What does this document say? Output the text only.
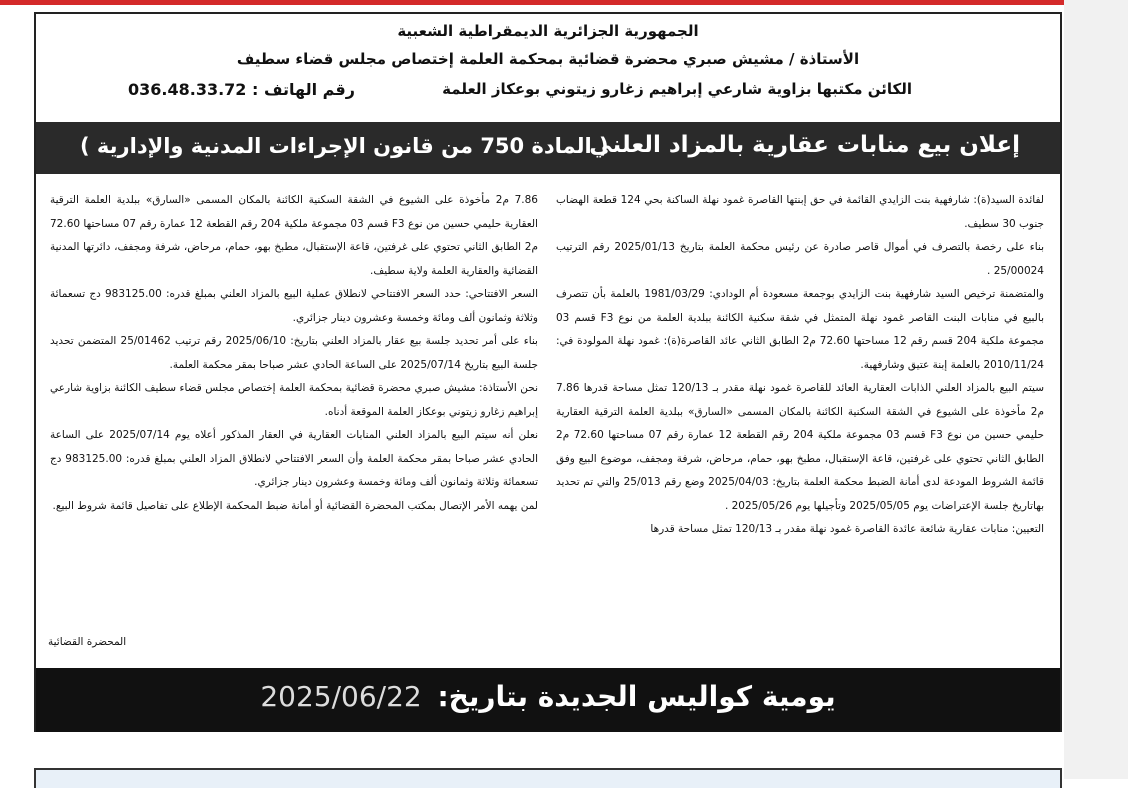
الجمهورية الجزائرية الديمقراطية الشعبية
الأستاذة / مشيش صبري محضرة قضائية بمحكمة العلمة إختصاص مجلس قضاء سطيف
الكائن مكتبها بزاوية شارعي إبراهيم زغارو زيتوني بوعكاز العلمة
رقم الهاتف : 036.48.33.72
إعلان بيع منابات عقارية بالمزاد العلني
( المادة 750 من قانون الإجراءات المدنية والإدارية )

لفائدة السيد(ة): شارفهية بنت الزايدي القائمة في حق إبنتها القاصرة غمود نهلة الساكنة بحي 124 قطعة الهضاب جنوب 30 سطيف.

بناء على رخصة بالتصرف في أموال قاصر صادرة عن رئيس محكمة العلمة بتاريخ 2025/01/13 رقم الترتيب 25/00024 .

والمتضمنة ترخيص السيد شارفهية بنت الزايدي بوجمعة مسعودة أم الودادي: 1981/03/29 بالعلمة بأن تتصرف بالبيع في منابات البنت القاصر غمود نهلة المتمثل في شقة سكنية الكائنة ببلدية العلمة من نوع F3 قسم 03 مجموعة ملكية 204 قسم رقم 12 مساحتها 72.60 م2 الطابق الثاني عائد القاصرة(ة): غمود نهلة المولودة في: 2010/11/24 بالعلمة إبنة عتيق وشارفهية.

سيتم البيع بالمزاد العلني الذابات العقارية العائد للقاصرة غمود نهلة مقدر بـ 120/13 تمثل مساحة قدرها 7.86 م2 مأخوذة على الشيوع في الشقة السكنية الكائنة بالمكان المسمى «السارق» ببلدية العلمة الترقية العقارية حليمي حسين من نوع F3 قسم 03 مجموعة ملكية 204 رقم القطعة 12 عمارة رقم 07 مساحتها 72.60 م2 الطابق الثاني تحتوي على غرفتين، قاعة الإستقبال، مطبخ بهو، حمام، مرحاض، شرفة ومجفف، موضوع البيع وفق قائمة الشروط المودعة لدى أمانة الضبط محكمة العلمة بتاريخ: 2025/04/03 وضع رقم 25/013 والتي تم تحديد بهاتاريخ جلسة الإعتراضات يوم 2025/05/05 وتأجيلها يوم 2025/05/26 .

التعيين: منابات عقارية شائعة عائدة القاصرة غمود نهلة مقدر بـ 120/13 تمثل مساحة قدرها

7.86 م2 مأخوذة على الشيوع في الشقة السكنية الكائنة بالمكان المسمى «السارق» ببلدية العلمة الترقية العقارية حليمي حسين من نوع F3 قسم 03 مجموعة ملكية 204 رقم القطعة 12 عمارة رقم 07 مساحتها 72.60 م2 الطابق الثاني تحتوي على غرفتين، قاعة الإستقبال، مطبخ بهو، حمام، مرحاض، شرفة ومجفف، دائرتها المدنية القضائية والعقارية العلمة ولاية سطيف.

السعر الافتتاحي: حدد السعر الافتتاحي لانطلاق عملية البيع بالمزاد العلني بمبلغ قدره: 983125.00 دج تسعمائة وثلاثة وثمانون ألف ومائة وخمسة وعشرون دينار جزائري.

بناء على أمر تحديد جلسة بيع عقار بالمزاد العلني بتاريخ: 2025/06/10 رقم ترتيب 25/01462 المتضمن تحديد جلسة البيع بتاريخ 2025/07/14 على الساعة الحادي عشر صباحا بمقر محكمة العلمة.

نحن الأستاذة: مشيش صبري محضرة قضائية بمحكمة العلمة إختصاص مجلس قضاء سطيف الكائنة بزاوية شارعي إبراهيم زغارو زيتوني بوعكاز العلمة الموقعة أدناه.

نعلن أنه سيتم البيع بالمزاد العلني المنابات العقارية في العقار المذكور أعلاه يوم 2025/07/14 على الساعة الحادي عشر صباحا بمقر محكمة العلمة وأن السعر الافتتاحي لانطلاق المزاد العلني بمبلغ قدره: 983125.00 دج تسعمائة وثلاثة وثمانون ألف ومائة وخمسة وعشرون دينار جزائري.

لمن يهمه الأمر الإتصال بمكتب المحضرة القضائية أو أمانة ضبط المحكمة الإطلاع على تفاصيل قائمة شروط البيع.

المحضرة القضائية
يومية كواليس الجديدة بتاريخ: 2025/06/22
